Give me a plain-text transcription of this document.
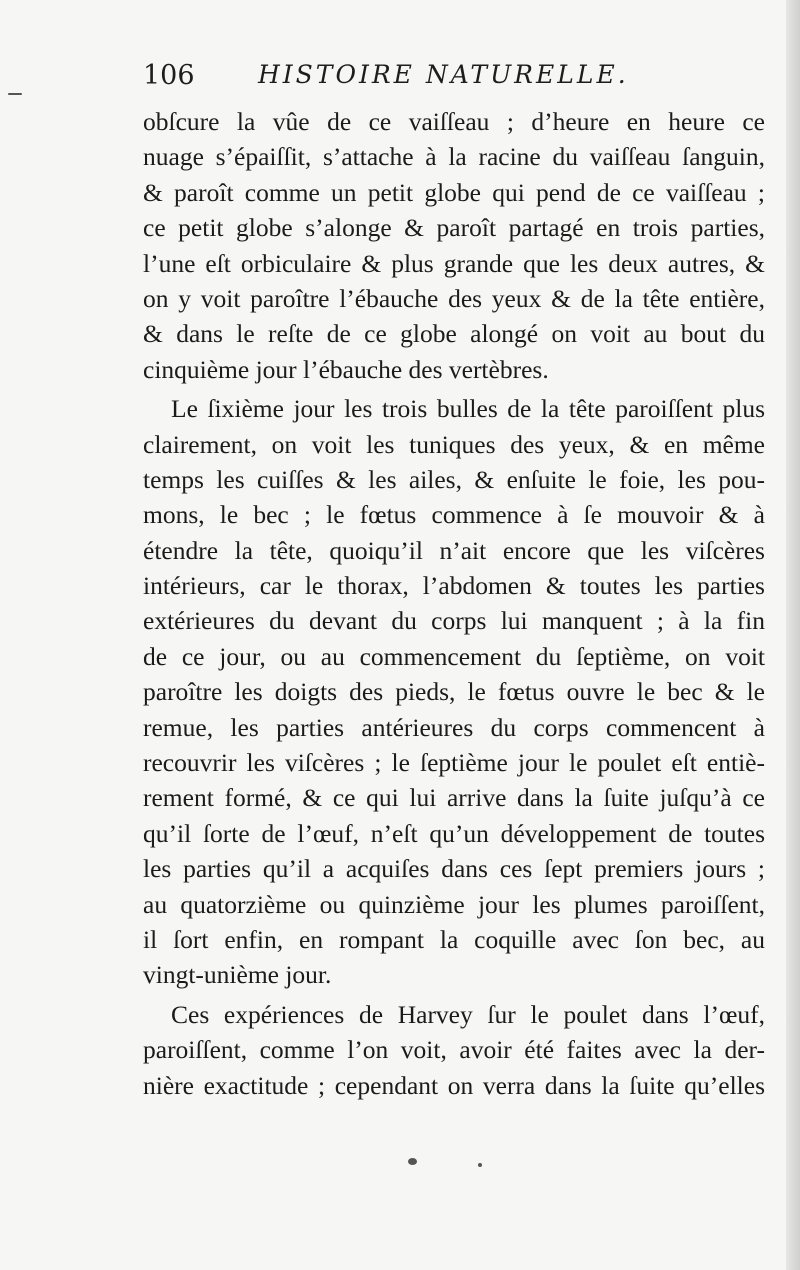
106	HISTOIRE NATURELLE.
obſcure la vûe de ce vaiſſeau ; d’heure en heure ce
nuage s’épaiſſit, s’attache à la racine du vaiſſeau ſanguin,
& paroît comme un petit globe qui pend de ce vaiſſeau ;
ce petit globe s’alonge & paroît partagé en trois parties,
l’une eſt orbiculaire & plus grande que les deux autres, &
on y voit paroître l’ébauche des yeux & de la tête entière,
& dans le reſte de ce globe alongé on voit au bout du
cinquième jour l’ébauche des vertèbres.
Le ſixième jour les trois bulles de la tête paroiſſent plus
clairement, on voit les tuniques des yeux, & en même
temps les cuiſſes & les ailes, & enſuite le foie, les pou-
mons, le bec ; le fœtus commence à ſe mouvoir & à
étendre la tête, quoiqu’il n’ait encore que les viſcères
intérieurs, car le thorax, l’abdomen & toutes les parties
extérieures du devant du corps lui manquent ; à la fin
de ce jour, ou au commencement du ſeptième, on voit
paroître les doigts des pieds, le fœtus ouvre le bec & le
remue, les parties antérieures du corps commencent à
recouvrir les viſcères ; le ſeptième jour le poulet eſt entiè-
rement formé, & ce qui lui arrive dans la ſuite juſqu’à ce
qu’il ſorte de l’œuf, n’eſt qu’un développement de toutes
les parties qu’il a acquiſes dans ces ſept premiers jours ;
au quatorzième ou quinzième jour les plumes paroiſſent,
il ſort enfin, en rompant la coquille avec ſon bec, au
vingt-unième jour.
Ces expériences de Harvey ſur le poulet dans l’œuf,
paroiſſent, comme l’on voit, avoir été faites avec la der-
nière exactitude ; cependant on verra dans la ſuite qu’elles
